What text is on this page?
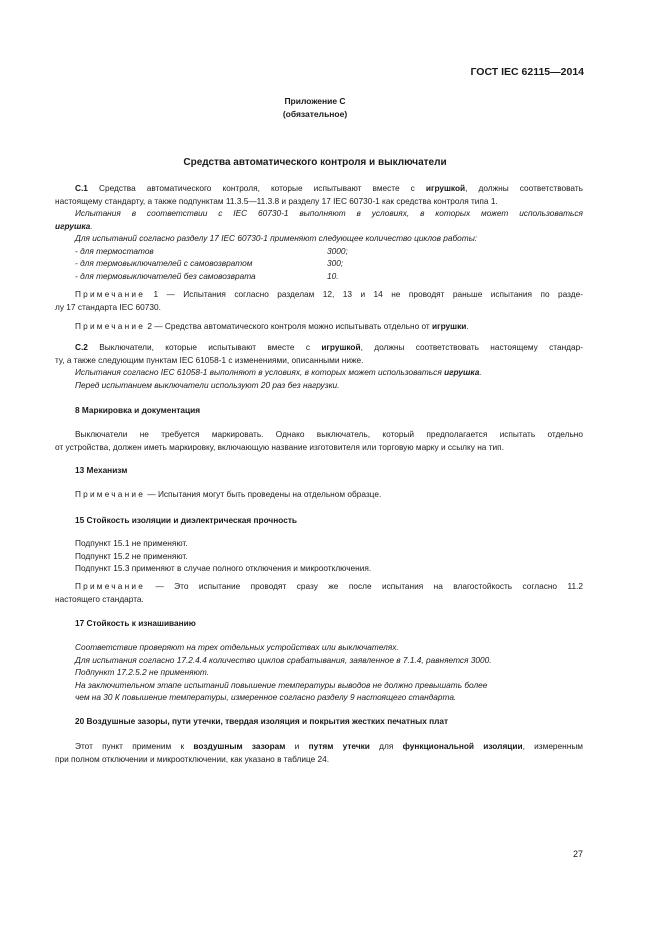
ГОСТ IEC 62115—2014
Приложение С
(обязательное)
Средства автоматического контроля и выключатели
С.1 Средства автоматического контроля, которые испытывают вместе с игрушкой, должны соответствовать
настоящему стандарту, а также подпунктам 11.3.5—11.3.8 и разделу 17 IEC 60730-1 как средства контроля типа 1.
Испытания в соответствии с IEC 60730-1 выполняют в условиях, в которых может использоваться
игрушка.
Для испытаний согласно разделу 17 IEC 60730-1 применяют следующее количество циклов работы:
- для термостатов	3000;
- для термовыключателей с самовозвратом	300;
- для термовыключателей без самовозврата	10.
Примечание 1 — Испытания согласно разделам 12, 13 и 14 не проводят раньше испытания по разде-
лу 17 стандарта IEC 60730.
Примечание 2 — Средства автоматического контроля можно испытывать отдельно от игрушки.
С.2 Выключатели, которые испытывают вместе с игрушкой, должны соответствовать настоящему стандар-
ту, а также следующим пунктам IEC 61058-1 с изменениями, описанными ниже.
Испытания согласно IEC 61058-1 выполняют в условиях, в которых может использоваться игрушка.
Перед испытанием выключатели используют 20 раз без нагрузки.
8 Маркировка и документация
Выключатели не требуется маркировать. Однако выключатель, который предполагается испытать отдельно
от устройства, должен иметь маркировку, включающую название изготовителя или торговую марку и ссылку на тип.
13 Механизм
Примечание — Испытания могут быть проведены на отдельном образце.
15 Стойкость изоляции и диэлектрическая прочность
Подпункт 15.1 не применяют.
Подпункт 15.2 не применяют.
Подпункт 15.3 применяют в случае полного отключения и микроотключения.
Примечание — Это испытание проводят сразу же после испытания на влагостойкость согласно 11.2
настоящего стандарта.
17 Стойкость к изнашиванию
Соответствие проверяют на трех отдельных устройствах или выключателях.
Для испытания согласно 17.2.4.4 количество циклов срабатывания, заявленное в 7.1.4, равняется 3000.
Подпункт 17.2.5.2 не применяют.
На заключительном этапе испытаний повышение температуры выводов не должно превышать более
чем на 30 К повышение температуры, измеренное согласно разделу 9 настоящего стандарта.
20 Воздушные зазоры, пути утечки, твердая изоляция и покрытия жестких печатных плат
Этот пункт применим к воздушным зазорам и путям утечки для функциональной изоляции, измеренным
при полном отключении и микроотключении, как указано в таблице 24.
27
